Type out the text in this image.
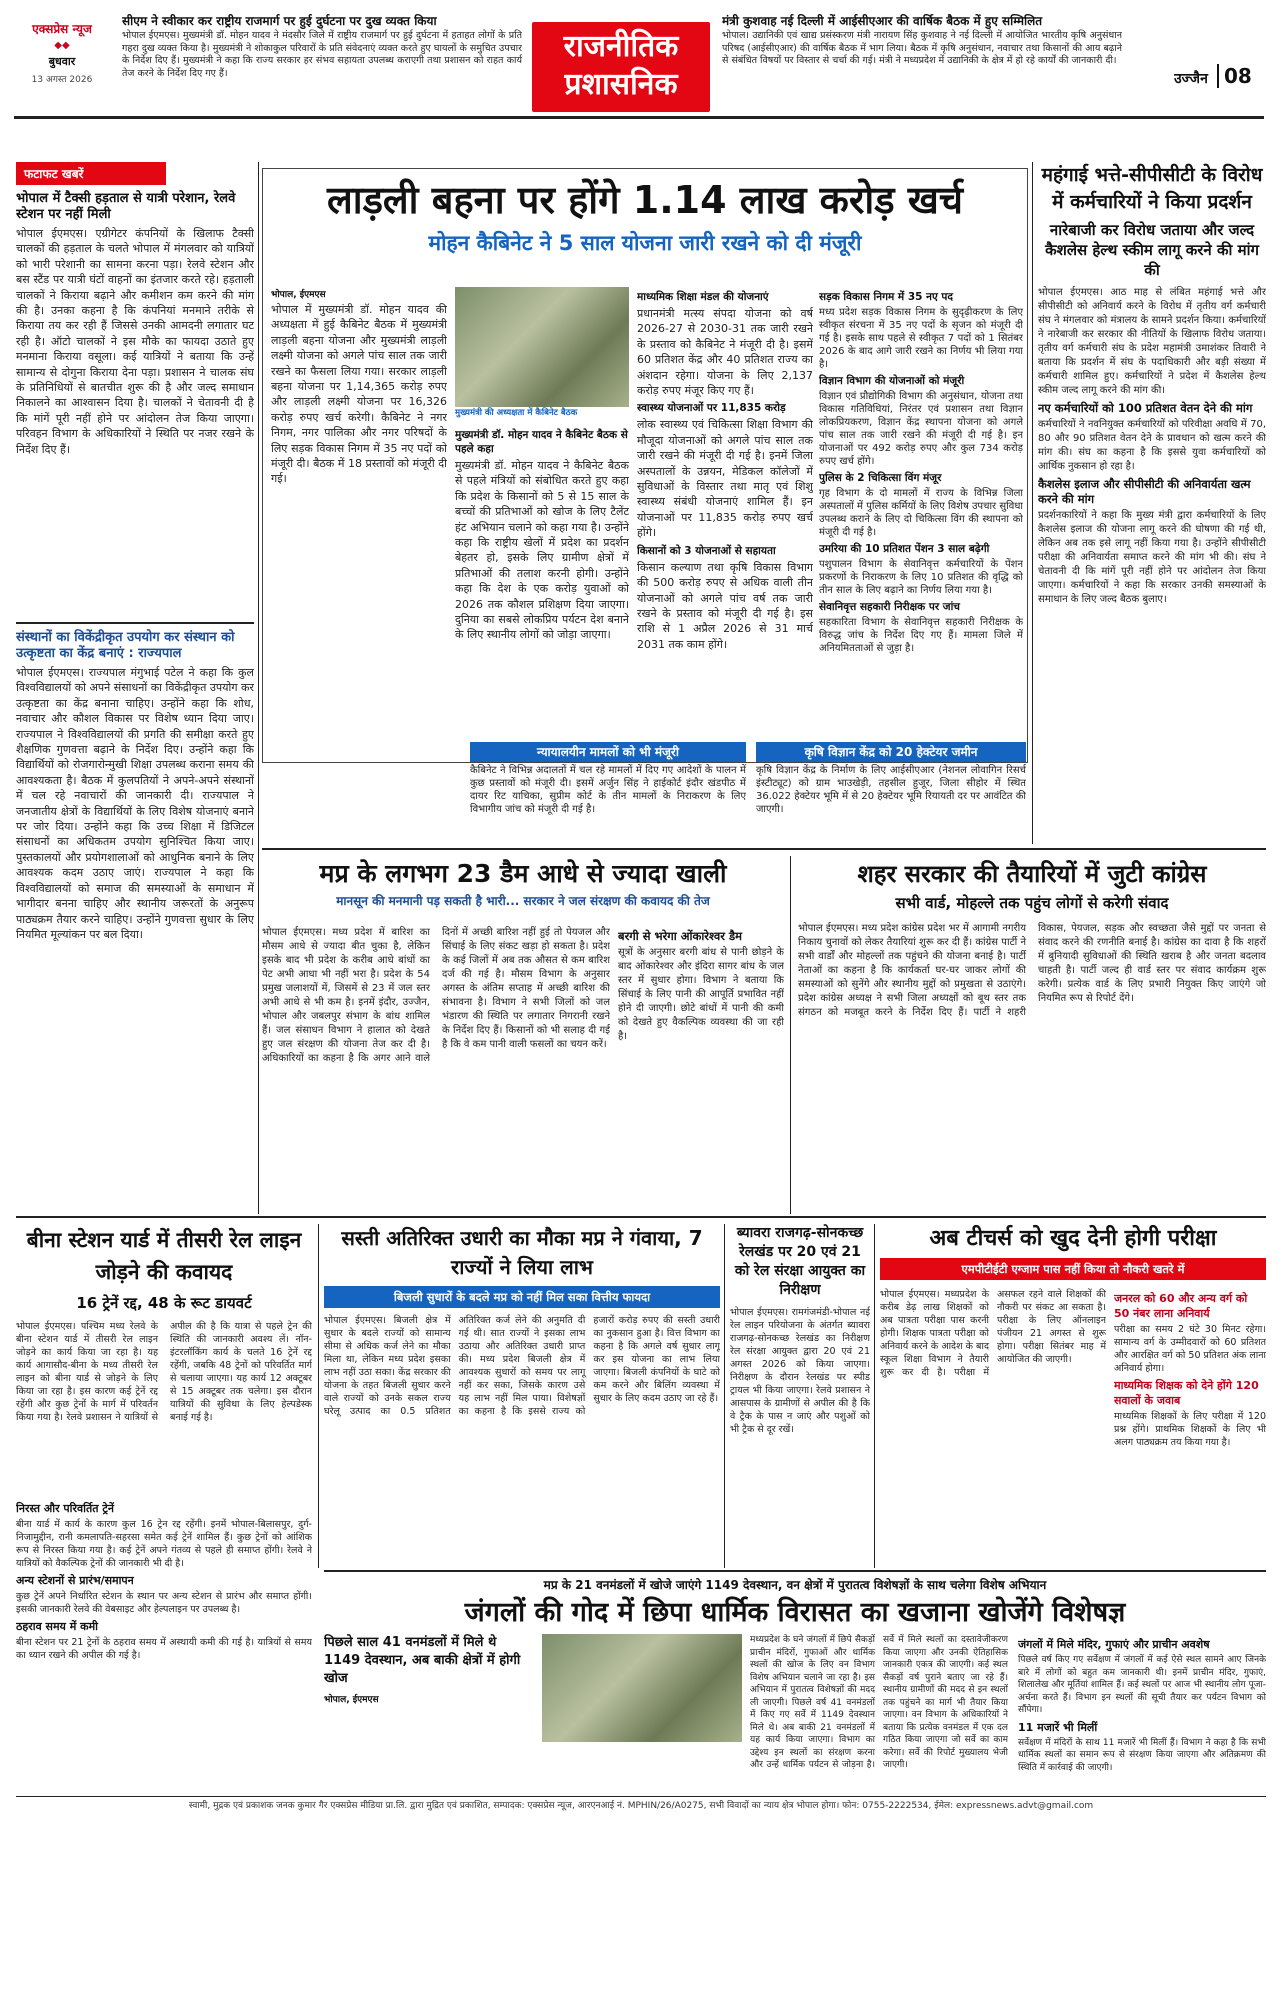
एक्सप्रेस न्यूज
◆◆
बुधवार
13 अगस्त 2026
सीएम ने स्वीकार कर राष्ट्रीय राजमार्ग पर हुई दुर्घटना पर दुख व्यक्त किया
भोपाल ईएमएस। मुख्यमंत्री डॉ. मोहन यादव ने मंदसौर जिले में राष्ट्रीय राजमार्ग पर हुई दुर्घटना में हताहत लोगों के प्रति गहरा दुख व्यक्त किया है। मुख्यमंत्री ने शोकाकुल परिवारों के प्रति संवेदनाएं व्यक्त करते हुए घायलों के समुचित उपचार के निर्देश दिए हैं। मुख्यमंत्री ने कहा कि राज्य सरकार हर संभव सहायता उपलब्ध कराएगी तथा प्रशासन को राहत कार्य तेज करने के निर्देश दिए गए हैं।
राजनीतिक
प्रशासनिक
मंत्री कुशवाह नई दिल्ली में आईसीएआर की वार्षिक बैठक में हुए सम्मिलित
भोपाल। उद्यानिकी एवं खाद्य प्रसंस्करण मंत्री नारायण सिंह कुशवाह ने नई दिल्ली में आयोजित भारतीय कृषि अनुसंधान परिषद (आईसीएआर) की वार्षिक बैठक में भाग लिया। बैठक में कृषि अनुसंधान, नवाचार तथा किसानों की आय बढ़ाने से संबंधित विषयों पर विस्तार से चर्चा की गई। मंत्री ने मध्यप्रदेश में उद्यानिकी के क्षेत्र में हो रहे कार्यों की जानकारी दी।
उज्जैन 08
फटाफट खबरें
भोपाल में टैक्सी हड़ताल से यात्री परेशान, रेलवे स्टेशन पर नहीं मिली
भोपाल ईएमएस। एग्रीगेटर कंपनियों के खिलाफ टैक्सी चालकों की हड़ताल के चलते भोपाल में मंगलवार को यात्रियों को भारी परेशानी का सामना करना पड़ा। रेलवे स्टेशन और बस स्टैंड पर यात्री घंटों वाहनों का इंतजार करते रहे। हड़ताली चालकों ने किराया बढ़ाने और कमीशन कम करने की मांग की है। उनका कहना है कि कंपनियां मनमाने तरीके से किराया तय कर रही हैं जिससे उनकी आमदनी लगातार घट रही है। ऑटो चालकों ने इस मौके का फायदा उठाते हुए मनमाना किराया वसूला। कई यात्रियों ने बताया कि उन्हें सामान्य से दोगुना किराया देना पड़ा। प्रशासन ने चालक संघ के प्रतिनिधियों से बातचीत शुरू की है और जल्द समाधान निकालने का आश्वासन दिया है। चालकों ने चेतावनी दी है कि मांगें पूरी नहीं होने पर आंदोलन तेज किया जाएगा। परिवहन विभाग के अधिकारियों ने स्थिति पर नजर रखने के निर्देश दिए हैं।
संस्थानों का विकेंद्रीकृत उपयोग कर संस्थान को उत्कृष्टता का केंद्र बनाएं : राज्यपाल
भोपाल ईएमएस। राज्यपाल मंगुभाई पटेल ने कहा कि कुल विश्वविद्यालयों को अपने संसाधनों का विकेंद्रीकृत उपयोग कर उत्कृष्टता का केंद्र बनाना चाहिए। उन्होंने कहा कि शोध, नवाचार और कौशल विकास पर विशेष ध्यान दिया जाए। राज्यपाल ने विश्वविद्यालयों की प्रगति की समीक्षा करते हुए शैक्षणिक गुणवत्ता बढ़ाने के निर्देश दिए। उन्होंने कहा कि विद्यार्थियों को रोजगारोन्मुखी शिक्षा उपलब्ध कराना समय की आवश्यकता है। बैठक में कुलपतियों ने अपने-अपने संस्थानों में चल रहे नवाचारों की जानकारी दी। राज्यपाल ने जनजातीय क्षेत्रों के विद्यार्थियों के लिए विशेष योजनाएं बनाने पर जोर दिया। उन्होंने कहा कि उच्च शिक्षा में डिजिटल संसाधनों का अधिकतम उपयोग सुनिश्चित किया जाए। पुस्तकालयों और प्रयोगशालाओं को आधुनिक बनाने के लिए आवश्यक कदम उठाए जाएं। राज्यपाल ने कहा कि विश्वविद्यालयों को समाज की समस्याओं के समाधान में भागीदार बनना चाहिए और स्थानीय जरूरतों के अनुरूप पाठ्यक्रम तैयार करने चाहिए। उन्होंने गुणवत्ता सुधार के लिए नियमित मूल्यांकन पर बल दिया।
लाड़ली बहना पर होंगे 1.14 लाख करोड़ खर्च
मोहन कैबिनेट ने 5 साल योजना जारी रखने को दी मंजूरी
भोपाल, ईएमएस
भोपाल में मुख्यमंत्री डॉ. मोहन यादव की अध्यक्षता में हुई कैबिनेट बैठक में मुख्यमंत्री लाड़ली बहना योजना और मुख्यमंत्री लाड़ली लक्ष्मी योजना को अगले पांच साल तक जारी रखने का फैसला लिया गया। सरकार लाड़ली बहना योजना पर 1,14,365 करोड़ रुपए और लाड़ली लक्ष्मी योजना पर 16,326 करोड़ रुपए खर्च करेगी। कैबिनेट ने नगर निगम, नगर पालिका और नगर परिषदों के लिए सड़क विकास निगम में 35 नए पदों को मंजूरी दी। बैठक में 18 प्रस्तावों को मंजूरी दी गई।
मुख्यमंत्री की अध्यक्षता में कैबिनेट बैठक
मुख्यमंत्री डॉ. मोहन यादव ने कैबिनेट बैठक से पहले कहा
मुख्यमंत्री डॉ. मोहन यादव ने कैबिनेट बैठक से पहले मंत्रियों को संबोधित करते हुए कहा कि प्रदेश के किसानों को 5 से 15 साल के बच्चों की प्रतिभाओं को खोज के लिए टैलेंट हंट अभियान चलाने को कहा गया है। उन्होंने कहा कि राष्ट्रीय खेलों में प्रदेश का प्रदर्शन बेहतर हो, इसके लिए ग्रामीण क्षेत्रों में प्रतिभाओं की तलाश करनी होगी। उन्होंने कहा कि देश के एक करोड़ युवाओं को 2026 तक कौशल प्रशिक्षण दिया जाएगा। दुनिया का सबसे लोकप्रिय पर्यटन देश बनाने के लिए स्थानीय लोगों को जोड़ा जाएगा।
माध्यमिक शिक्षा मंडल की योजनाएं
प्रधानमंत्री मत्स्य संपदा योजना को वर्ष 2026-27 से 2030-31 तक जारी रखने के प्रस्ताव को कैबिनेट ने मंजूरी दी है। इसमें 60 प्रतिशत केंद्र और 40 प्रतिशत राज्य का अंशदान रहेगा। योजना के लिए 2,137 करोड़ रुपए मंजूर किए गए हैं।
स्वास्थ्य योजनाओं पर 11,835 करोड़
लोक स्वास्थ्य एवं चिकित्सा शिक्षा विभाग की मौजूदा योजनाओं को अगले पांच साल तक जारी रखने की मंजूरी दी गई है। इनमें जिला अस्पतालों के उन्नयन, मेडिकल कॉलेजों में सुविधाओं के विस्तार तथा मातृ एवं शिशु स्वास्थ्य संबंधी योजनाएं शामिल हैं। इन योजनाओं पर 11,835 करोड़ रुपए खर्च होंगे।
किसानों को 3 योजनाओं से सहायता
किसान कल्याण तथा कृषि विकास विभाग की 500 करोड़ रुपए से अधिक वाली तीन योजनाओं को अगले पांच वर्ष तक जारी रखने के प्रस्ताव को मंजूरी दी गई है। इस राशि से 1 अप्रैल 2026 से 31 मार्च 2031 तक काम होंगे।
सड़क विकास निगम में 35 नए पद
मध्य प्रदेश सड़क विकास निगम के सुदृढ़ीकरण के लिए स्वीकृत संरचना में 35 नए पदों के सृजन को मंजूरी दी गई है। इसके साथ पहले से स्वीकृत 7 पदों को 1 सितंबर 2026 के बाद आगे जारी रखने का निर्णय भी लिया गया है।
विज्ञान विभाग की योजनाओं को मंजूरी
विज्ञान एवं प्रौद्योगिकी विभाग की अनुसंधान, योजना तथा विकास गतिविधियां, निरंतर एवं प्रशासन तथा विज्ञान लोकप्रियकरण, विज्ञान केंद्र स्थापना योजना को अगले पांच साल तक जारी रखने की मंजूरी दी गई है। इन योजनाओं पर 492 करोड़ रुपए और कुल 734 करोड़ रुपए खर्च होंगे।
पुलिस के 2 चिकित्सा विंग मंजूर
गृह विभाग के दो मामलों में राज्य के विभिन्न जिला अस्पतालों में पुलिस कर्मियों के लिए विशेष उपचार सुविधा उपलब्ध कराने के लिए दो चिकित्सा विंग की स्थापना को मंजूरी दी गई है।
उमरिया की 10 प्रतिशत पेंशन 3 साल बढ़ेगी
पशुपालन विभाग के सेवानिवृत्त कर्मचारियों के पेंशन प्रकरणों के निराकरण के लिए 10 प्रतिशत की वृद्धि को तीन साल के लिए बढ़ाने का निर्णय लिया गया है।
सेवानिवृत्त सहकारी निरीक्षक पर जांच
सहकारिता विभाग के सेवानिवृत्त सहकारी निरीक्षक के विरुद्ध जांच के निर्देश दिए गए हैं। मामला जिले में अनियमितताओं से जुड़ा है।
न्यायालयीन मामलों को भी मंजूरी
कैबिनेट ने विभिन्न अदालतों में चल रहे मामलों में दिए गए आदेशों के पालन में कुछ प्रस्तावों को मंजूरी दी। इसमें अर्जुन सिंह ने हाईकोर्ट इंदौर खंडपीठ में दायर रिट याचिका, सुप्रीम कोर्ट के तीन मामलों के निराकरण के लिए विभागीय जांच को मंजूरी दी गई है।
कृषि विज्ञान केंद्र को 20 हेक्टेयर जमीन
कृषि विज्ञान केंद्र के निर्माण के लिए आईसीएआर (नेशनल लोवागिन रिसर्च इंस्टीट्यूट) को ग्राम भाउखेड़ी, तहसील हुजूर, जिला सीहोर में स्थित 36.022 हेक्टेयर भूमि में से 20 हेक्टेयर भूमि रियायती दर पर आवंटित की जाएगी।
महंगाई भत्ते-सीपीसीटी के विरोध में कर्मचारियों ने किया प्रदर्शन
नारेबाजी कर विरोध जताया और जल्द कैशलेस हेल्थ स्कीम लागू करने की मांग की
भोपाल ईएमएस। आठ माह से लंबित महंगाई भत्ते और सीपीसीटी को अनिवार्य करने के विरोध में तृतीय वर्ग कर्मचारी संघ ने मंगलवार को मंत्रालय के सामने प्रदर्शन किया। कर्मचारियों ने नारेबाजी कर सरकार की नीतियों के खिलाफ विरोध जताया। तृतीय वर्ग कर्मचारी संघ के प्रदेश महामंत्री उमाशंकर तिवारी ने बताया कि प्रदर्शन में संघ के पदाधिकारी और बड़ी संख्या में कर्मचारी शामिल हुए। कर्मचारियों ने प्रदेश में कैशलेस हेल्थ स्कीम जल्द लागू करने की मांग की।
नए कर्मचारियों को 100 प्रतिशत वेतन देने की मांग
कर्मचारियों ने नवनियुक्त कर्मचारियों को परिवीक्षा अवधि में 70, 80 और 90 प्रतिशत वेतन देने के प्रावधान को खत्म करने की मांग की। संघ का कहना है कि इससे युवा कर्मचारियों को आर्थिक नुकसान हो रहा है।
कैशलेस इलाज और सीपीसीटी की अनिवार्यता खत्म करने की मांग
प्रदर्शनकारियों ने कहा कि मुख्य मंत्री द्वारा कर्मचारियों के लिए कैशलेस इलाज की योजना लागू करने की घोषणा की गई थी, लेकिन अब तक इसे लागू नहीं किया गया है। उन्होंने सीपीसीटी परीक्षा की अनिवार्यता समाप्त करने की मांग भी की। संघ ने चेतावनी दी कि मांगें पूरी नहीं होने पर आंदोलन तेज किया जाएगा। कर्मचारियों ने कहा कि सरकार उनकी समस्याओं के समाधान के लिए जल्द बैठक बुलाए।
मप्र के लगभग 23 डैम आधे से ज्यादा खाली
मानसून की मनमानी पड़ सकती है भारी... सरकार ने जल संरक्षण की कवायद की तेज
भोपाल ईएमएस। मध्य प्रदेश में बारिश का मौसम आधे से ज्यादा बीत चुका है, लेकिन इसके बाद भी प्रदेश के करीब आधे बांधों का पेट अभी आधा भी नहीं भरा है। प्रदेश के 54 प्रमुख जलाशयों में, जिसमें से 23 में जल स्तर अभी आधे से भी कम है। इनमें इंदौर, उज्जैन, भोपाल और जबलपुर संभाग के बांध शामिल हैं। जल संसाधन विभाग ने हालात को देखते हुए जल संरक्षण की योजना तेज कर दी है। अधिकारियों का कहना है कि अगर आने वाले दिनों में अच्छी बारिश नहीं हुई तो पेयजल और सिंचाई के लिए संकट खड़ा हो सकता है। प्रदेश के कई जिलों में अब तक औसत से कम बारिश दर्ज की गई है। मौसम विभाग के अनुसार अगस्त के अंतिम सप्ताह में अच्छी बारिश की संभावना है। विभाग ने सभी जिलों को जल भंडारण की स्थिति पर लगातार निगरानी रखने के निर्देश दिए हैं। किसानों को भी सलाह दी गई है कि वे कम पानी वाली फसलों का चयन करें।
बरगी से भरेगा ओंकारेश्वर डैम
सूत्रों के अनुसार बरगी बांध से पानी छोड़ने के बाद ओंकारेश्वर और इंदिरा सागर बांध के जल स्तर में सुधार होगा। विभाग ने बताया कि सिंचाई के लिए पानी की आपूर्ति प्रभावित नहीं होने दी जाएगी। छोटे बांधों में पानी की कमी को देखते हुए वैकल्पिक व्यवस्था की जा रही है।
शहर सरकार की तैयारियों में जुटी कांग्रेस
सभी वार्ड, मोहल्ले तक पहुंच लोगों से करेगी संवाद
भोपाल ईएमएस। मध्य प्रदेश कांग्रेस प्रदेश भर में आगामी नगरीय निकाय चुनावों को लेकर तैयारियां शुरू कर दी हैं। कांग्रेस पार्टी ने सभी वार्डों और मोहल्लों तक पहुंचने की योजना बनाई है। पार्टी नेताओं का कहना है कि कार्यकर्ता घर-घर जाकर लोगों की समस्याओं को सुनेंगे और स्थानीय मुद्दों को प्रमुखता से उठाएंगे। प्रदेश कांग्रेस अध्यक्ष ने सभी जिला अध्यक्षों को बूथ स्तर तक संगठन को मजबूत करने के निर्देश दिए हैं। पार्टी ने शहरी विकास, पेयजल, सड़क और स्वच्छता जैसे मुद्दों पर जनता से संवाद करने की रणनीति बनाई है। कांग्रेस का दावा है कि शहरों में बुनियादी सुविधाओं की स्थिति खराब है और जनता बदलाव चाहती है। पार्टी जल्द ही वार्ड स्तर पर संवाद कार्यक्रम शुरू करेगी। प्रत्येक वार्ड के लिए प्रभारी नियुक्त किए जाएंगे जो नियमित रूप से रिपोर्ट देंगे।
बीना स्टेशन यार्ड में तीसरी रेल लाइन जोड़ने की कवायद
16 ट्रेनें रद्द, 48 के रूट डायवर्ट
भोपाल ईएमएस। पश्चिम मध्य रेलवे के बीना स्टेशन यार्ड में तीसरी रेल लाइन जोड़ने का कार्य किया जा रहा है। यह कार्य आगासौद-बीना के मध्य तीसरी रेल लाइन को बीना यार्ड से जोड़ने के लिए किया जा रहा है। इस कारण कई ट्रेनें रद्द रहेंगी और कुछ ट्रेनों के मार्ग में परिवर्तन किया गया है। रेलवे प्रशासन ने यात्रियों से अपील की है कि यात्रा से पहले ट्रेन की स्थिति की जानकारी अवश्य लें। नॉन-इंटरलॉकिंग कार्य के चलते 16 ट्रेनें रद्द रहेंगी, जबकि 48 ट्रेनों को परिवर्तित मार्ग से चलाया जाएगा। यह कार्य 12 अक्टूबर से 15 अक्टूबर तक चलेगा। इस दौरान यात्रियों की सुविधा के लिए हेल्पडेस्क बनाई गई है।
निरस्त और परिवर्तित ट्रेनें
बीना यार्ड में कार्य के कारण कुल 16 ट्रेन रद्द रहेंगी। इनमें भोपाल-बिलासपुर, दुर्ग-निजामुद्दीन, रानी कमलापति-सहरसा समेत कई ट्रेनें शामिल हैं। कुछ ट्रेनों को आंशिक रूप से निरस्त किया गया है। कई ट्रेनें अपने गंतव्य से पहले ही समाप्त होंगी। रेलवे ने यात्रियों को वैकल्पिक ट्रेनों की जानकारी भी दी है।
अन्य स्टेशनों से प्रारंभ/समापन
कुछ ट्रेनें अपने निर्धारित स्टेशन के स्थान पर अन्य स्टेशन से प्रारंभ और समाप्त होंगी। इसकी जानकारी रेलवे की वेबसाइट और हेल्पलाइन पर उपलब्ध है।
ठहराव समय में कमी
बीना स्टेशन पर 21 ट्रेनों के ठहराव समय में अस्थायी कमी की गई है। यात्रियों से समय का ध्यान रखने की अपील की गई है।
सस्ती अतिरिक्त उधारी का मौका मप्र ने गंवाया, 7 राज्यों ने लिया लाभ
बिजली सुधारों के बदले मप्र को नहीं मिल सका वित्तीय फायदा
भोपाल ईएमएस। बिजली क्षेत्र में सुधार के बदले राज्यों को सामान्य सीमा से अधिक कर्ज लेने का मौका मिला था, लेकिन मध्य प्रदेश इसका लाभ नहीं उठा सका। केंद्र सरकार की योजना के तहत बिजली सुधार करने वाले राज्यों को उनके सकल राज्य घरेलू उत्पाद का 0.5 प्रतिशत अतिरिक्त कर्ज लेने की अनुमति दी गई थी। सात राज्यों ने इसका लाभ उठाया और अतिरिक्त उधारी प्राप्त की। मध्य प्रदेश बिजली क्षेत्र में आवश्यक सुधारों को समय पर लागू नहीं कर सका, जिसके कारण उसे यह लाभ नहीं मिल पाया। विशेषज्ञों का कहना है कि इससे राज्य को हजारों करोड़ रुपए की सस्ती उधारी का नुकसान हुआ है। वित्त विभाग का कहना है कि अगले वर्ष सुधार लागू कर इस योजना का लाभ लिया जाएगा। बिजली कंपनियों के घाटे को कम करने और बिलिंग व्यवस्था में सुधार के लिए कदम उठाए जा रहे हैं।
ब्यावरा राजगढ़-सोनकच्छ रेलखंड पर 20 एवं 21 को रेल संरक्षा आयुक्त का निरीक्षण
भोपाल ईएमएस। रामगंजमंडी-भोपाल नई रेल लाइन परियोजना के अंतर्गत ब्यावरा राजगढ़-सोनकच्छ रेलखंड का निरीक्षण रेल संरक्षा आयुक्त द्वारा 20 एवं 21 अगस्त 2026 को किया जाएगा। निरीक्षण के दौरान रेलखंड पर स्पीड ट्रायल भी किया जाएगा। रेलवे प्रशासन ने आसपास के ग्रामीणों से अपील की है कि वे ट्रैक के पास न जाएं और पशुओं को भी ट्रैक से दूर रखें।
अब टीचर्स को खुद देनी होगी परीक्षा
एमपीटीईटी एग्जाम पास नहीं किया तो नौकरी खतरे में
भोपाल ईएमएस। मध्यप्रदेश के करीब डेढ़ लाख शिक्षकों को अब पात्रता परीक्षा पास करनी होगी। शिक्षक पात्रता परीक्षा को अनिवार्य करने के आदेश के बाद स्कूल शिक्षा विभाग ने तैयारी शुरू कर दी है। परीक्षा में असफल रहने वाले शिक्षकों की नौकरी पर संकट आ सकता है। परीक्षा के लिए ऑनलाइन पंजीयन 21 अगस्त से शुरू होगा। परीक्षा सितंबर माह में आयोजित की जाएगी।
जनरल को 60 और अन्य वर्ग को 50 नंबर लाना अनिवार्य
परीक्षा का समय 2 घंटे 30 मिनट रहेगा। सामान्य वर्ग के उम्मीदवारों को 60 प्रतिशत और आरक्षित वर्ग को 50 प्रतिशत अंक लाना अनिवार्य होगा।
माध्यमिक शिक्षक को देने होंगे 120 सवालों के जवाब
माध्यमिक शिक्षकों के लिए परीक्षा में 120 प्रश्न होंगे। प्राथमिक शिक्षकों के लिए भी अलग पाठ्यक्रम तय किया गया है।
मप्र के 21 वनमंडलों में खोजे जाएंगे 1149 देवस्थान, वन क्षेत्रों में पुरातत्व विशेषज्ञों के साथ चलेगा विशेष अभियान
जंगलों की गोद में छिपा धार्मिक विरासत का खजाना खोजेंगे विशेषज्ञ
पिछले साल 41 वनमंडलों में मिले थे 1149 देवस्थान, अब बाकी क्षेत्रों में होगी खोज
भोपाल, ईएमएस
मध्यप्रदेश के घने जंगलों में छिपे सैकड़ों प्राचीन मंदिरों, गुफाओं और धार्मिक स्थलों की खोज के लिए वन विभाग विशेष अभियान चलाने जा रहा है। इस अभियान में पुरातत्व विशेषज्ञों की मदद ली जाएगी। पिछले वर्ष 41 वनमंडलों में किए गए सर्वे में 1149 देवस्थान मिले थे। अब बाकी 21 वनमंडलों में यह कार्य किया जाएगा। विभाग का उद्देश्य इन स्थलों का संरक्षण करना और उन्हें धार्मिक पर्यटन से जोड़ना है। सर्वे में मिले स्थलों का दस्तावेजीकरण किया जाएगा और उनकी ऐतिहासिक जानकारी एकत्र की जाएगी। कई स्थल सैकड़ों वर्ष पुराने बताए जा रहे हैं। स्थानीय ग्रामीणों की मदद से इन स्थलों तक पहुंचने का मार्ग भी तैयार किया जाएगा। वन विभाग के अधिकारियों ने बताया कि प्रत्येक वनमंडल में एक दल गठित किया जाएगा जो सर्वे का काम करेगा। सर्वे की रिपोर्ट मुख्यालय भेजी जाएगी।
जंगलों में मिले मंदिर, गुफाएं और प्राचीन अवशेष
पिछले वर्ष किए गए सर्वेक्षण में जंगलों में कई ऐसे स्थल सामने आए जिनके बारे में लोगों को बहुत कम जानकारी थी। इनमें प्राचीन मंदिर, गुफाएं, शिलालेख और मूर्तियां शामिल हैं। कई स्थलों पर आज भी स्थानीय लोग पूजा-अर्चना करते हैं। विभाग इन स्थलों की सूची तैयार कर पर्यटन विभाग को सौंपेगा।
11 मजारें भी मिलीं
सर्वेक्षण में मंदिरों के साथ 11 मजारें भी मिलीं हैं। विभाग ने कहा है कि सभी धार्मिक स्थलों का समान रूप से संरक्षण किया जाएगा और अतिक्रमण की स्थिति में कार्रवाई की जाएगी।
स्वामी, मुद्रक एवं प्रकाशक जनक कुमार गैर एक्सप्रेस मीडिया प्रा.लि. द्वारा मुद्रित एवं प्रकाशित, सम्पादक: एक्सप्रेस न्यूज, आरएनआई नं. MPHIN/26/A0275, सभी विवादों का न्याय क्षेत्र भोपाल होगा। फोन: 0755-2222534, ईमेल: expressnews.advt@gmail.com
